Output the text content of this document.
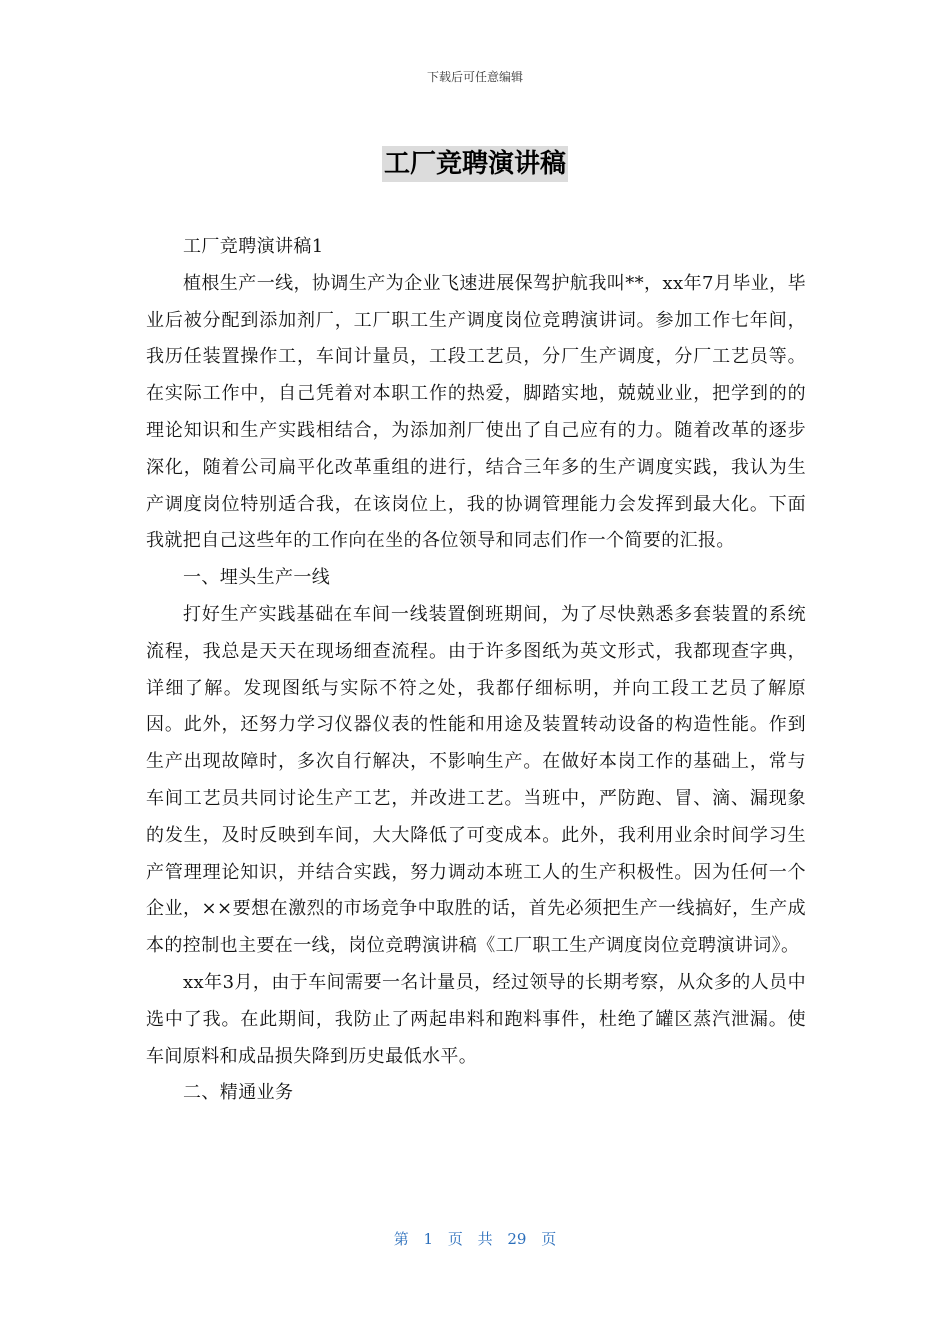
下载后可任意编辑
工厂竞聘演讲稿

工厂竞聘演讲稿1

植根生产一线，协调生产为企业飞速进展保驾护航我叫**，xx年7月毕业，毕业后被分配到添加剂厂，工厂职工生产调度岗位竞聘演讲词。参加工作七年间，我历任装置操作工，车间计量员，工段工艺员，分厂生产调度，分厂工艺员等。在实际工作中，自己凭着对本职工作的热爱，脚踏实地，兢兢业业，把学到的的理论知识和生产实践相结合，为添加剂厂使出了自己应有的力。随着改革的逐步深化，随着公司扁平化改革重组的进行，结合三年多的生产调度实践，我认为生产调度岗位特别适合我，在该岗位上，我的协调管理能力会发挥到最大化。下面我就把自己这些年的工作向在坐的各位领导和同志们作一个简要的汇报。

一、埋头生产一线

打好生产实践基础在车间一线装置倒班期间，为了尽快熟悉多套装置的系统流程，我总是天天在现场细查流程。由于许多图纸为英文形式，我都现查字典，详细了解。发现图纸与实际不符之处，我都仔细标明，并向工段工艺员了解原因。此外，还努力学习仪器仪表的性能和用途及装置转动设备的构造性能。作到生产出现故障时，多次自行解决，不影响生产。在做好本岗工作的基础上，常与车间工艺员共同讨论生产工艺，并改进工艺。当班中，严防跑、冒、滴、漏现象的发生，及时反映到车间，大大降低了可变成本。此外，我利用业余时间学习生产管理理论知识，并结合实践，努力调动本班工人的生产积极性。因为任何一个企业，××要想在激烈的市场竞争中取胜的话，首先必须把生产一线搞好，生产成本的控制也主要在一线，岗位竞聘演讲稿《工厂职工生产调度岗位竞聘演讲词》。

xx年3月，由于车间需要一名计量员，经过领导的长期考察，从众多的人员中选中了我。在此期间，我防止了两起串料和跑料事件，杜绝了罐区蒸汽泄漏。使车间原料和成品损失降到历史最低水平。

二、精通业务

第 1 页 共 29 页
